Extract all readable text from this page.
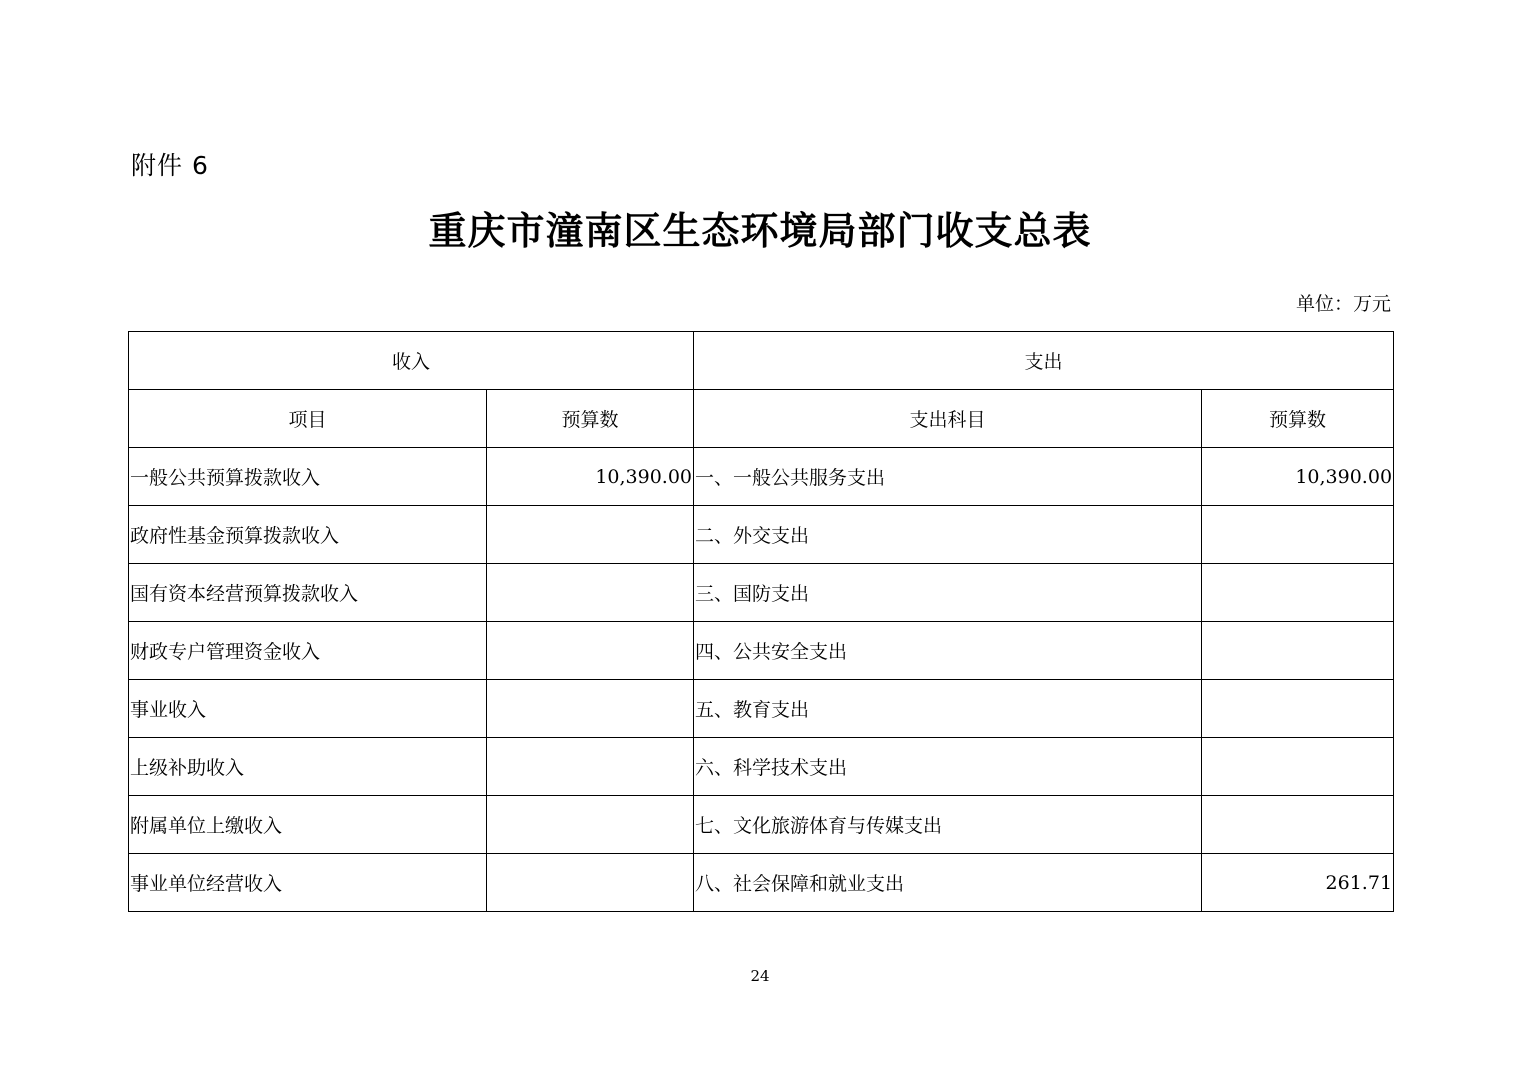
附件 6
重庆市潼南区生态环境局部门收支总表
单位：万元
收入		支出	
项目	预算数	支出科目	预算数
一般公共预算拨款收入	10,390.00	一、一般公共服务支出	10,390.00
政府性基金预算拨款收入		二、外交支出	
国有资本经营预算拨款收入		三、国防支出	
财政专户管理资金收入		四、公共安全支出	
事业收入		五、教育支出	
上级补助收入		六、科学技术支出	
附属单位上缴收入		七、文化旅游体育与传媒支出	
事业单位经营收入		八、社会保障和就业支出	261.71
24
